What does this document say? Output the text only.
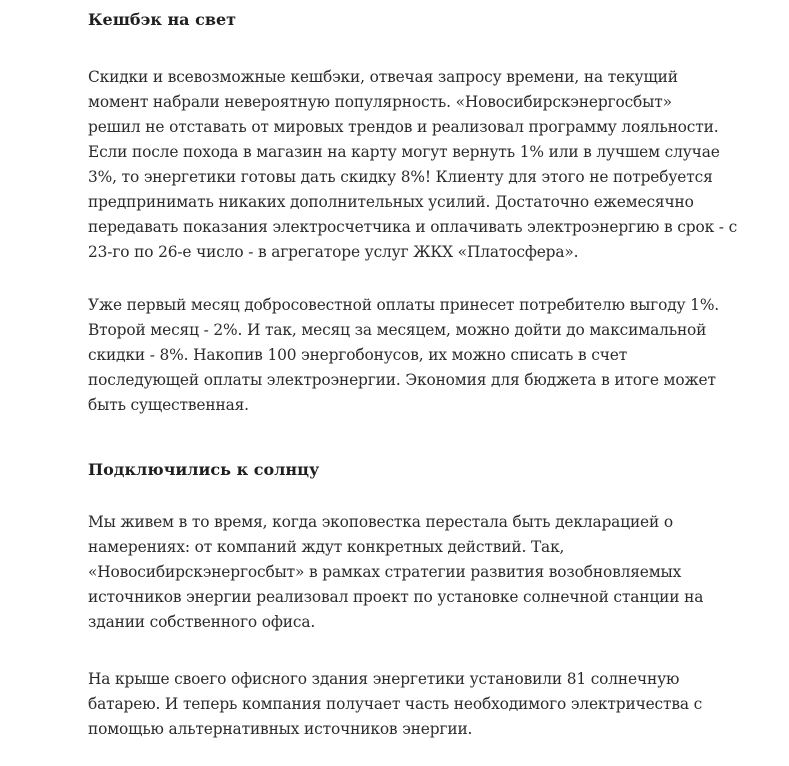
Кешбэк на свет

Скидки и всевозможные кешбэки, отвечая запросу времени, на текущий
момент набрали невероятную популярность. «Новосибирскэнергосбыт»
решил не отставать от мировых трендов и реализовал программу лояльности.
Если после похода в магазин на карту могут вернуть 1% или в лучшем случае
3%, то энергетики готовы дать скидку 8%! Клиенту для этого не потребуется
предпринимать никаких дополнительных усилий. Достаточно ежемесячно
передавать показания электросчетчика и оплачивать электроэнергию в срок - с
23-го по 26-е число - в агрегаторе услуг ЖКХ «Платосфера».

Уже первый месяц добросовестной оплаты принесет потребителю выгоду 1%.
Второй месяц - 2%. И так, месяц за месяцем, можно дойти до максимальной
скидки - 8%. Накопив 100 энергобонусов, их можно списать в счет
последующей оплаты электроэнергии. Экономия для бюджета в итоге может
быть существенная.

Подключились к солнцу

Мы живем в то время, когда экоповестка перестала быть декларацией о
намерениях: от компаний ждут конкретных действий. Так,
«Новосибирскэнергосбыт» в рамках стратегии развития возобновляемых
источников энергии реализовал проект по установке солнечной станции на
здании собственного офиса.

На крыше своего офисного здания энергетики установили 81 солнечную
батарею. И теперь компания получает часть необходимого электричества с
помощью альтернативных источников энергии.
